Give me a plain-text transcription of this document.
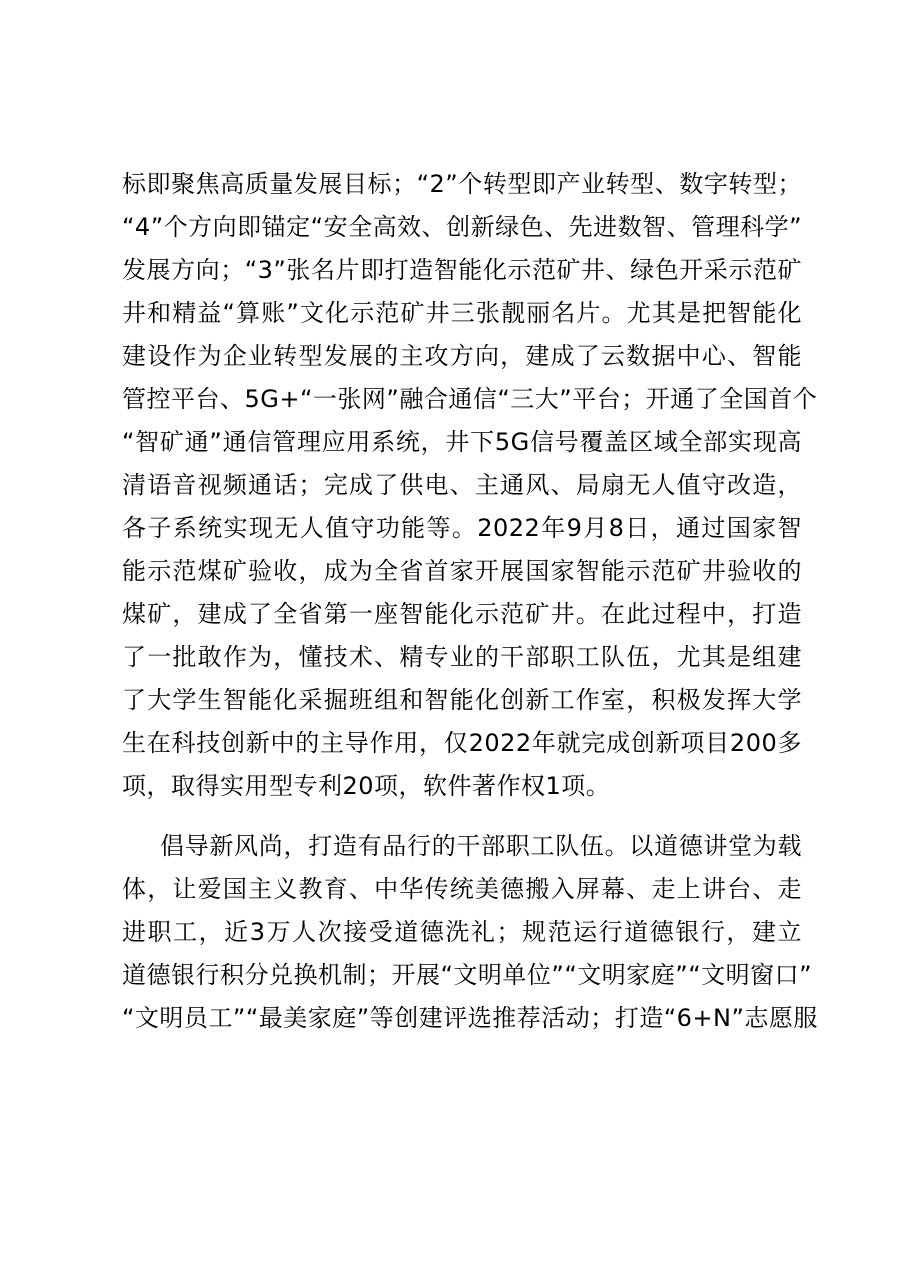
标即聚焦高质量发展目标；“2”个转型即产业转型、数字转型；
“4”个方向即锚定“安全高效、创新绿色、先进数智、管理科学”
发展方向；“3”张名片即打造智能化示范矿井、绿色开采示范矿
井和精益“算账”文化示范矿井三张靓丽名片。尤其是把智能化
建设作为企业转型发展的主攻方向，建成了云数据中心、智能
管控平台、5G+“一张网”融合通信“三大”平台；开通了全国首个
“智矿通”通信管理应用系统，井下5G信号覆盖区域全部实现高
清语音视频通话；完成了供电、主通风、局扇无人值守改造，
各子系统实现无人值守功能等。2022年9月8日，通过国家智
能示范煤矿验收，成为全省首家开展国家智能示范矿井验收的
煤矿，建成了全省第一座智能化示范矿井。在此过程中，打造
了一批敢作为，懂技术、精专业的干部职工队伍，尤其是组建
了大学生智能化采掘班组和智能化创新工作室，积极发挥大学
生在科技创新中的主导作用，仅2022年就完成创新项目200多
项，取得实用型专利20项，软件著作权1项。
倡导新风尚，打造有品行的干部职工队伍。以道德讲堂为载
体，让爱国主义教育、中华传统美德搬入屏幕、走上讲台、走
进职工，近3万人次接受道德洗礼；规范运行道德银行，建立
道德银行积分兑换机制；开展“文明单位”“文明家庭”“文明窗口”
“文明员工”“最美家庭”等创建评选推荐活动；打造“6+N”志愿服
